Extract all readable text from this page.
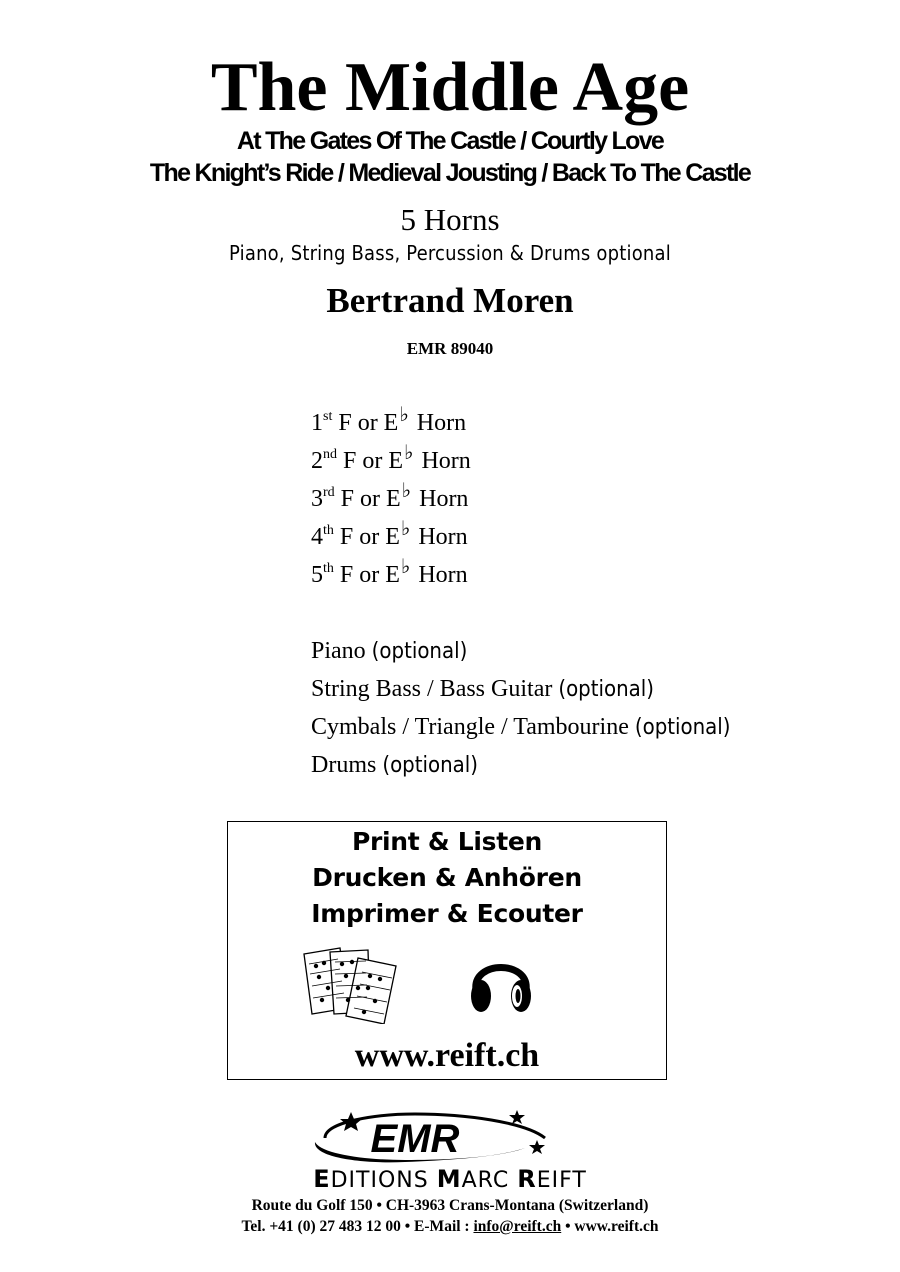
The Middle Age
At The Gates Of The Castle / Courtly Love
The Knight’s Ride / Medieval Jousting / Back To The Castle
5 Horns
Piano, String Bass, Percussion & Drums optional
Bertrand Moren
EMR 89040
1st F or E♭ Horn
2nd F or E♭ Horn
3rd F or E♭ Horn
4th F or E♭ Horn
5th F or E♭ Horn
Piano (optional)
String Bass / Bass Guitar (optional)
Cymbals / Triangle / Tambourine (optional)
Drums (optional)
Print & Listen
Drucken & Anhören
Imprimer & Ecouter
www.reift.ch
EMR
EDITIONS MARC REIFT
Route du Golf 150 • CH-3963 Crans-Montana (Switzerland)
Tel. +41 (0) 27 483 12 00 • E-Mail : info@reift.ch • www.reift.ch
